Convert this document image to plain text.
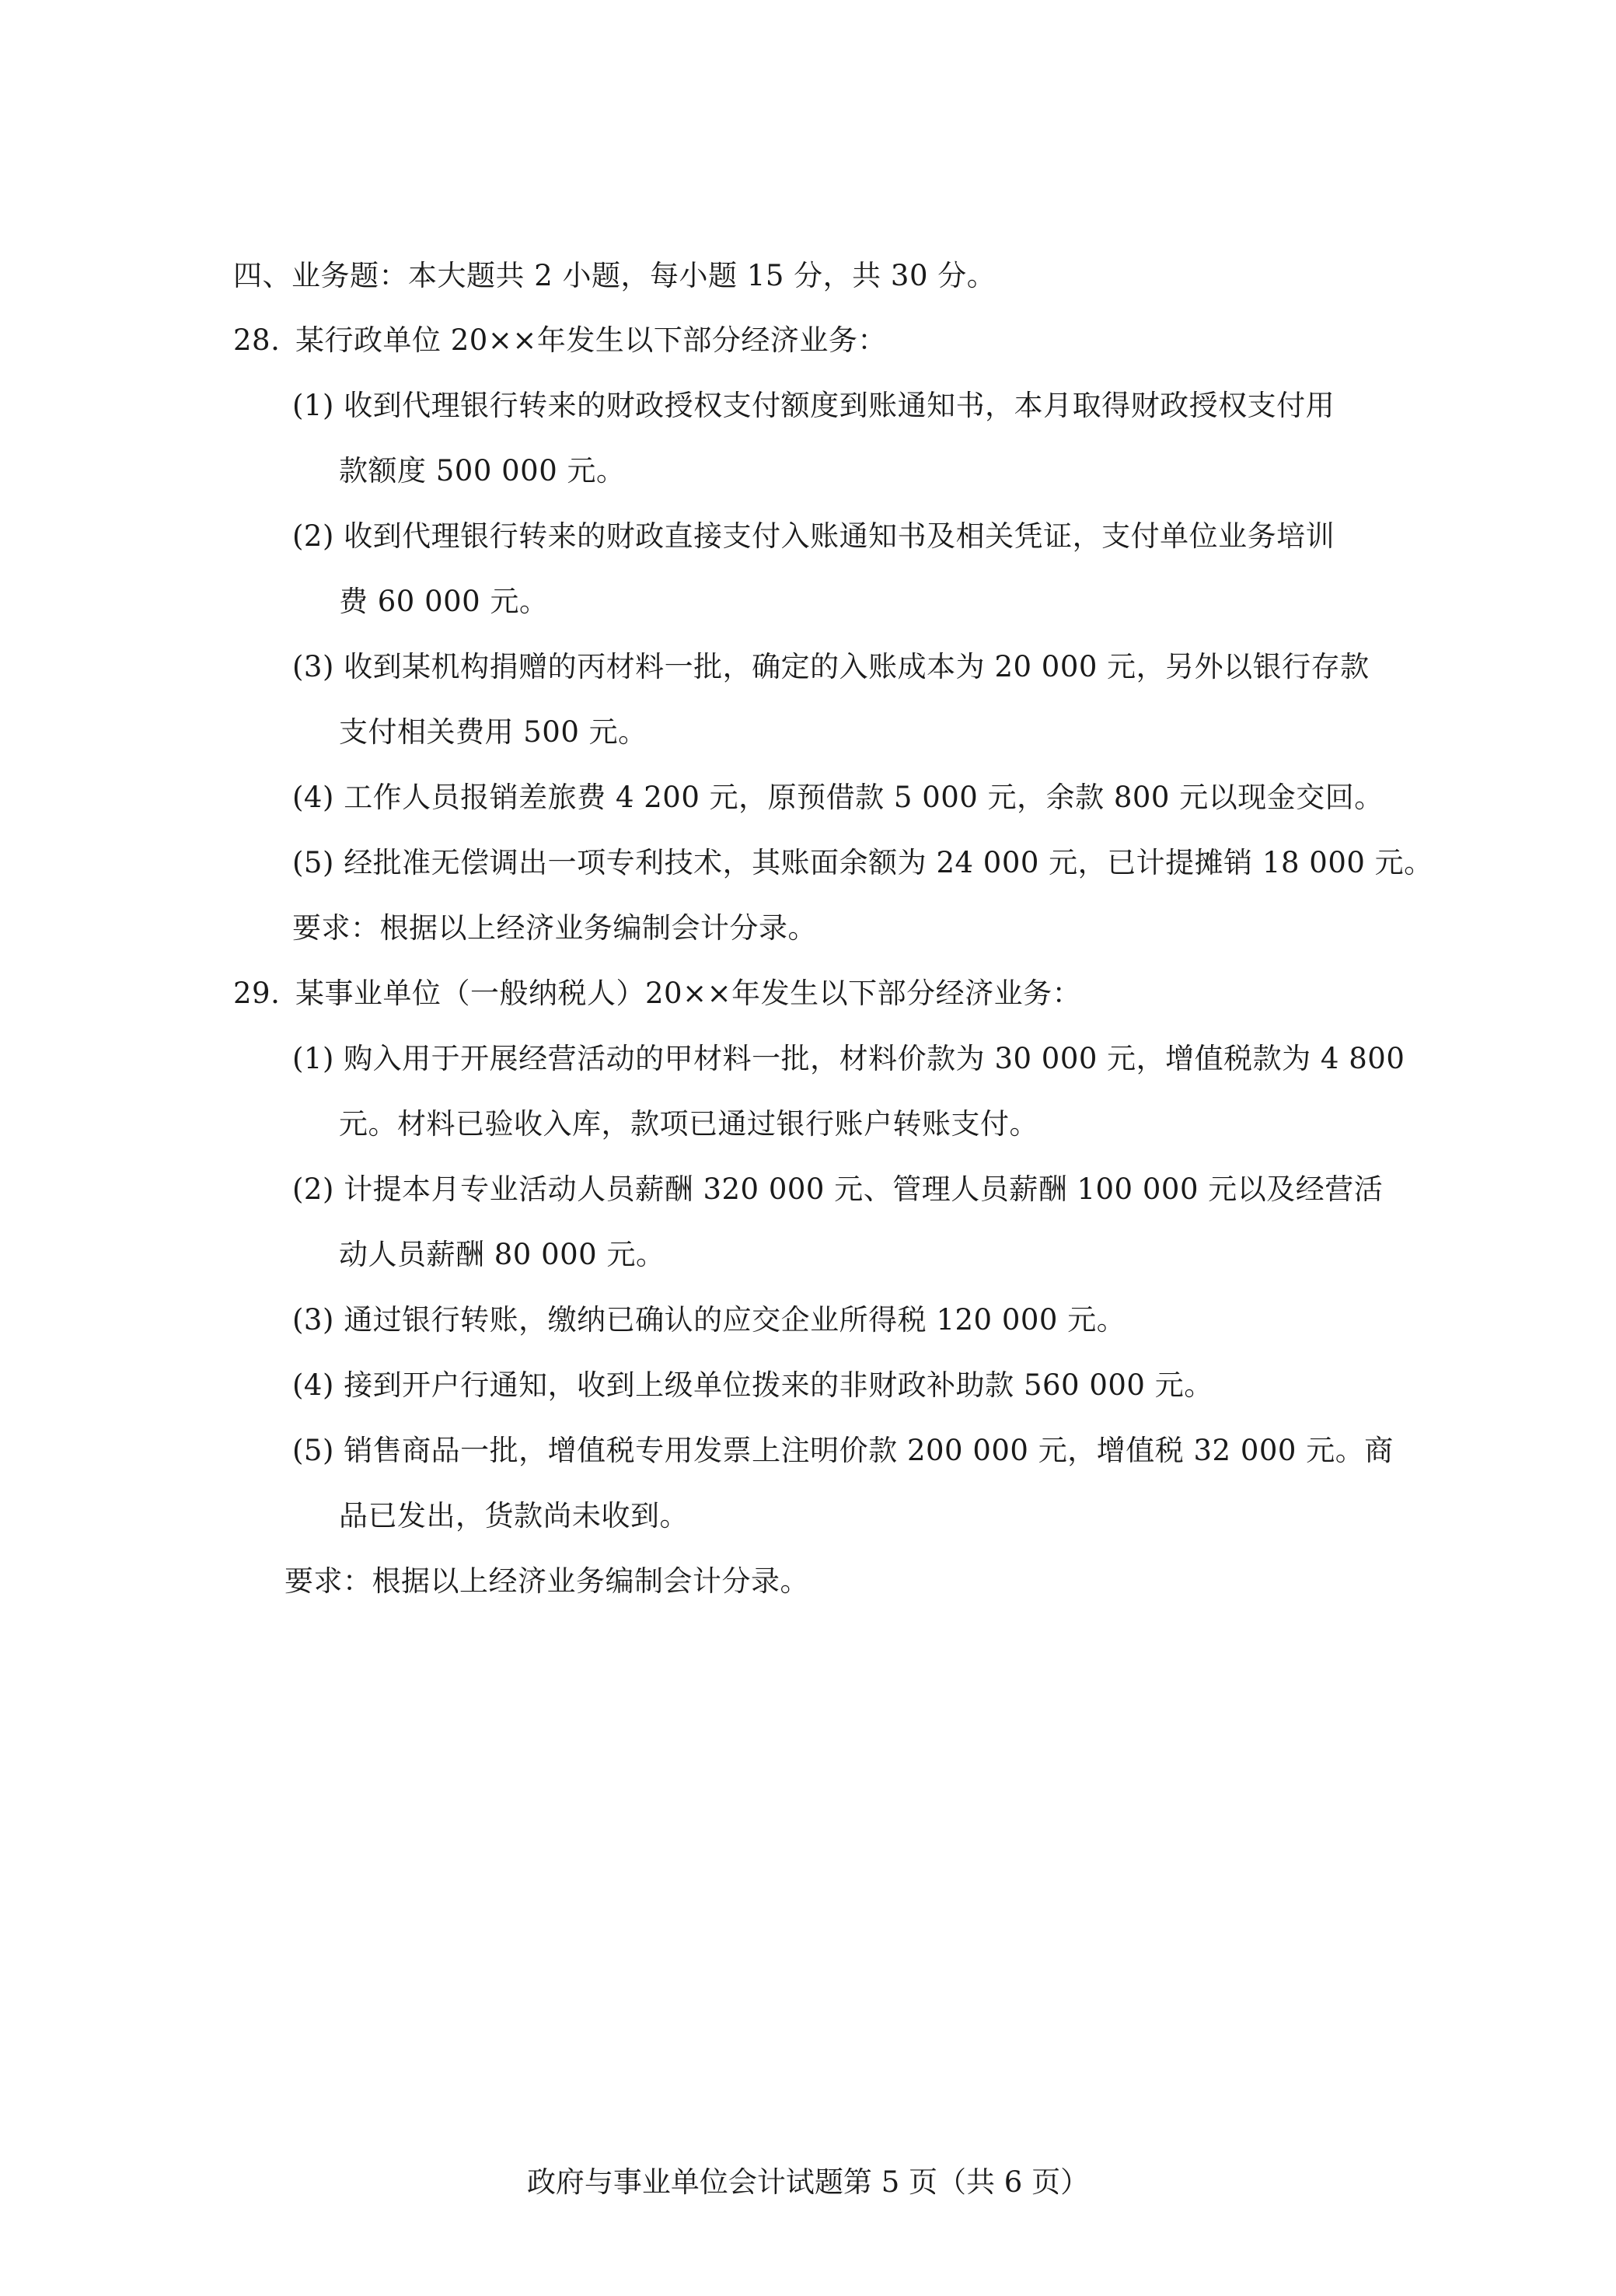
四、业务题：本大题共 2 小题，每小题 15 分，共 30 分。
28. 某行政单位 20××年发生以下部分经济业务：
(1) 收到代理银行转来的财政授权支付额度到账通知书，本月取得财政授权支付用
款额度 500 000 元。
(2) 收到代理银行转来的财政直接支付入账通知书及相关凭证，支付单位业务培训
费 60 000 元。
(3) 收到某机构捐赠的丙材料一批，确定的入账成本为 20 000 元，另外以银行存款
支付相关费用 500 元。
(4) 工作人员报销差旅费 4 200 元，原预借款 5 000 元，余款 800 元以现金交回。
(5) 经批准无偿调出一项专利技术，其账面余额为 24 000 元，已计提摊销 18 000 元。
要求：根据以上经济业务编制会计分录。
29. 某事业单位（一般纳税人）20××年发生以下部分经济业务：
(1) 购入用于开展经营活动的甲材料一批，材料价款为 30 000 元，增值税款为 4 800
元。材料已验收入库，款项已通过银行账户转账支付。
(2) 计提本月专业活动人员薪酬 320 000 元、管理人员薪酬 100 000 元以及经营活
动人员薪酬 80 000 元。
(3) 通过银行转账，缴纳已确认的应交企业所得税 120 000 元。
(4) 接到开户行通知，收到上级单位拨来的非财政补助款 560 000 元。
(5) 销售商品一批，增值税专用发票上注明价款 200 000 元，增值税 32 000 元。商
品已发出，货款尚未收到。
要求：根据以上经济业务编制会计分录。
政府与事业单位会计试题第 5 页（共 6 页）
